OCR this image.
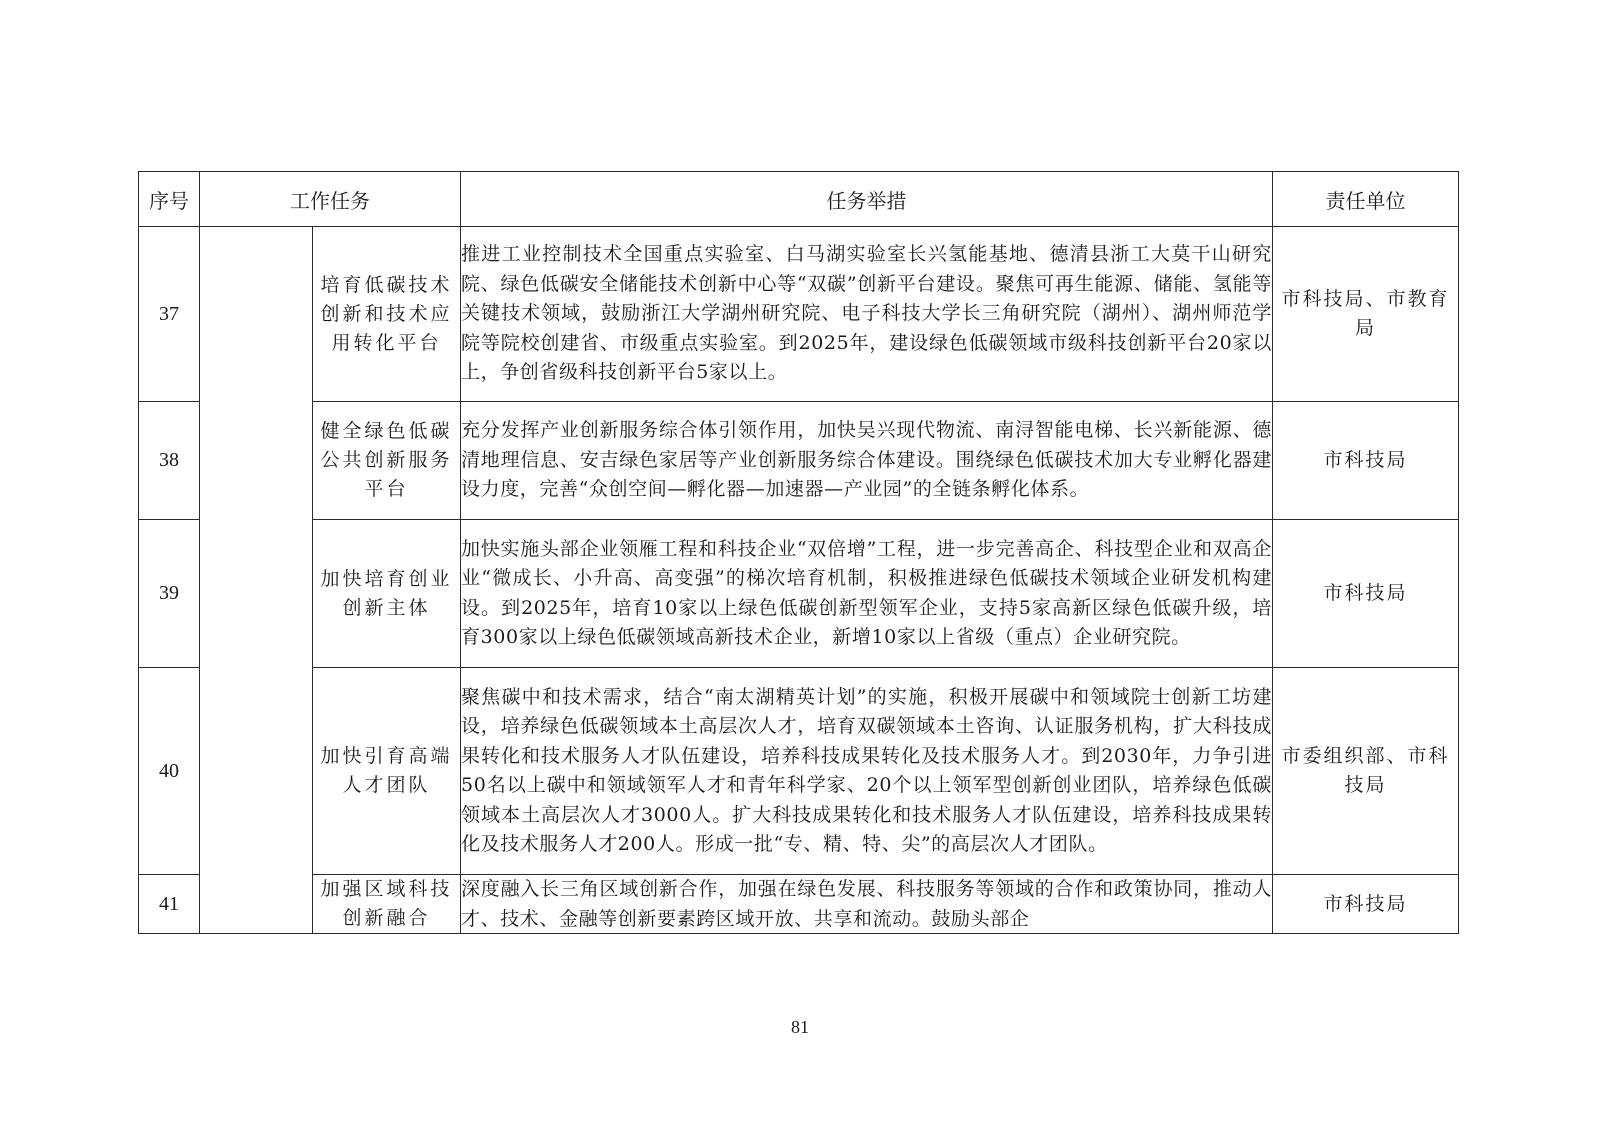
序号	工作任务		任务举措	责任单位
37		培育低碳技术创新和技术应用转化平台	推进工业控制技术全国重点实验室、白马湖实验室长兴氢能基地、德清县浙工大莫干山研究院、绿色低碳安全储能技术创新中心等“双碳”创新平台建设。聚焦可再生能源、储能、氢能等关键技术领域，鼓励浙江大学湖州研究院、电子科技大学长三角研究院（湖州）、湖州师范学院等院校创建省、市级重点实验室。到2025年，建设绿色低碳领域市级科技创新平台20家以上，争创省级科技创新平台5家以上。	市科技局、市教育局
38		健全绿色低碳公共创新服务平台	充分发挥产业创新服务综合体引领作用，加快吴兴现代物流、南浔智能电梯、长兴新能源、德清地理信息、安吉绿色家居等产业创新服务综合体建设。围绕绿色低碳技术加大专业孵化器建设力度，完善“众创空间—孵化器—加速器—产业园”的全链条孵化体系。	市科技局
39		加快培育创业创新主体	加快实施头部企业领雁工程和科技企业“双倍增”工程，进一步完善高企、科技型企业和双高企业“微成长、小升高、高变强”的梯次培育机制，积极推进绿色低碳技术领域企业研发机构建设。到2025年，培育10家以上绿色低碳创新型领军企业，支持5家高新区绿色低碳升级，培育300家以上绿色低碳领域高新技术企业，新增10家以上省级（重点）企业研究院。	市科技局
40		加快引育高端人才团队	聚焦碳中和技术需求，结合“南太湖精英计划”的实施，积极开展碳中和领域院士创新工坊建设，培养绿色低碳领域本土高层次人才，培育双碳领域本土咨询、认证服务机构，扩大科技成果转化和技术服务人才队伍建设，培养科技成果转化及技术服务人才。到2030年，力争引进50名以上碳中和领域领军人才和青年科学家、20个以上领军型创新创业团队，培养绿色低碳领域本土高层次人才3000人。扩大科技成果转化和技术服务人才队伍建设，培养科技成果转化及技术服务人才200人。形成一批“专、精、特、尖”的高层次人才团队。	市委组织部、市科技局
41		加强区域科技创新融合	深度融入长三角区域创新合作，加强在绿色发展、科技服务等领域的合作和政策协同，推动人才、技术、金融等创新要素跨区域开放、共享和流动。鼓励头部企	市科技局
81
